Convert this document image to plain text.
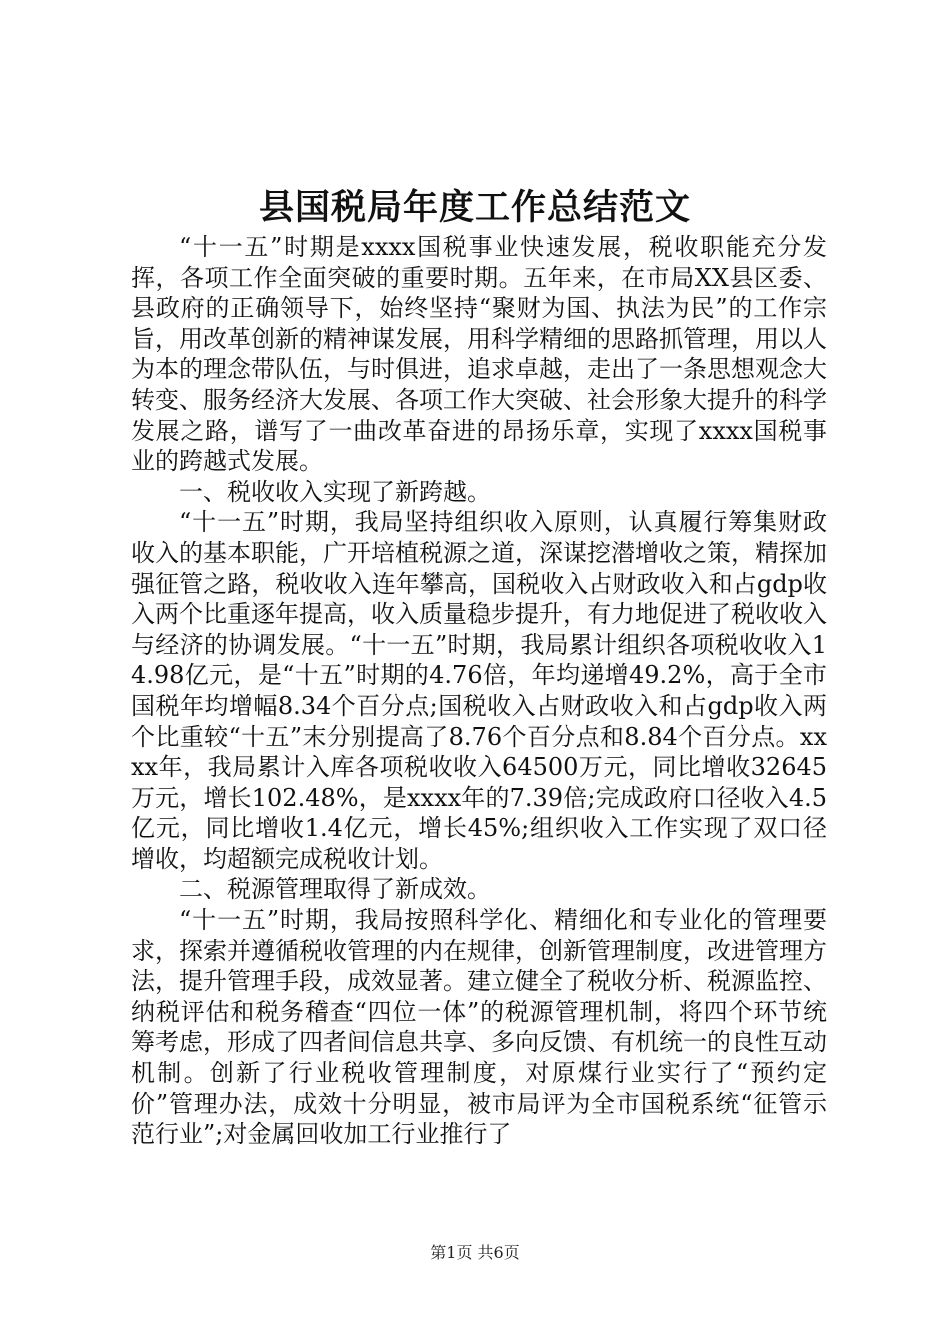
县国税局年度工作总结范文

“十一五”时期是xxxx国税事业快速发展，税收职能充分发挥，各项工作全面突破的重要时期。五年来，在市局XX县区委、县政府的正确领导下，始终坚持“聚财为国、执法为民”的工作宗旨，用改革创新的精神谋发展，用科学精细的思路抓管理，用以人为本的理念带队伍，与时俱进，追求卓越，走出了一条思想观念大转变、服务经济大发展、各项工作大突破、社会形象大提升的科学发展之路，谱写了一曲改革奋进的昂扬乐章，实现了xxxx国税事业的跨越式发展。

一、税收收入实现了新跨越。

“十一五”时期，我局坚持组织收入原则，认真履行筹集财政收入的基本职能，广开培植税源之道，深谋挖潜增收之策，精探加强征管之路，税收收入连年攀高，国税收入占财政收入和占gdp收入两个比重逐年提高，收入质量稳步提升，有力地促进了税收收入与经济的协调发展。“十一五”时期，我局累计组织各项税收收入14.98亿元，是“十五”时期的4.76倍，年均递增49.2%，高于全市国税年均增幅8.34个百分点;国税收入占财政收入和占gdp收入两个比重较“十五”末分别提高了8.76个百分点和8.84个百分点。xxxx年，我局累计入库各项税收收入64500万元，同比增收32645万元，增长102.48%，是xxxx年的7.39倍;完成政府口径收入4.5亿元，同比增收1.4亿元，增长45%;组织收入工作实现了双口径增收，均超额完成税收计划。

二、税源管理取得了新成效。

“十一五”时期，我局按照科学化、精细化和专业化的管理要求，探索并遵循税收管理的内在规律，创新管理制度，改进管理方法，提升管理手段，成效显著。建立健全了税收分析、税源监控、纳税评估和税务稽查“四位一体”的税源管理机制，将四个环节统筹考虑，形成了四者间信息共享、多向反馈、有机统一的良性互动机制。创新了行业税收管理制度，对原煤行业实行了“预约定价”管理办法，成效十分明显，被市局评为全市国税系统“征管示范行业”;对金属回收加工行业推行了

第1页 共6页
